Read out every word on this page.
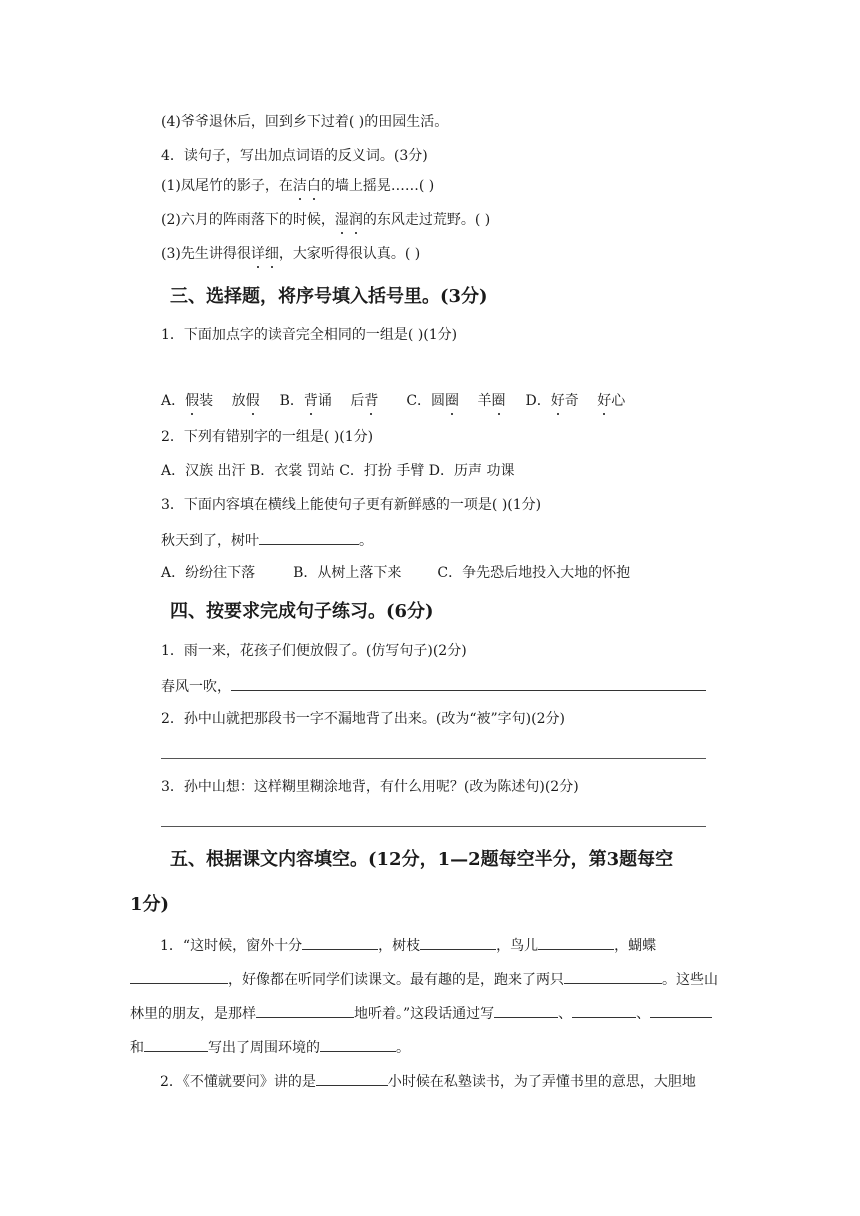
(4)爷爷退休后，回到乡下过着( )的田园生活。
4．读句子，写出加点词语的反义词。(3分)
(1)凤尾竹的影子，在洁白的墙上摇晃……( )
(2)六月的阵雨落下的时候，湿润的东风走过荒野。( )
(3)先生讲得很详细，大家听得很认真。( )
三、选择题，将序号填入括号里。(3分)
1．下面加点字的读音完全相同的一组是( )(1分)
A．假装　 放假 B．背诵　 后背 C．圆圈　 羊圈 D．好奇　 好心
2．下列有错别字的一组是( )(1分)
A．汉族 出汗 B．衣裳 罚站 C．打扮 手臂 D．历声 功课
3．下面内容填在横线上能使句子更有新鲜感的一项是( )(1分)
秋天到了，树叶	。
A．纷纷往下落	B．从树上落下来	C．争先恐后地投入大地的怀抱
四、按要求完成句子练习。(6分)
1．雨一来，花孩子们便放假了。(仿写句子)(2分)
春风一吹，
2．孙中山就把那段书一字不漏地背了出来。(改为“被”字句)(2分)
3．孙中山想：这样糊里糊涂地背，有什么用呢？(改为陈述句)(2分)
五、根据课文内容填空。(12分，1—2题每空半分，第3题每空
1分)
1．“这时候，窗外十分	，树枝	，鸟儿	，蝴蝶
，好像都在听同学们读课文。最有趣的是，跑来了两只	。这些山
林里的朋友，是那样	地听着。”这段话通过写	、	、
和	写出了周围环境的	。
2．《不懂就要问》讲的是	小时候在私塾读书，为了弄懂书里的意思，大胆地
